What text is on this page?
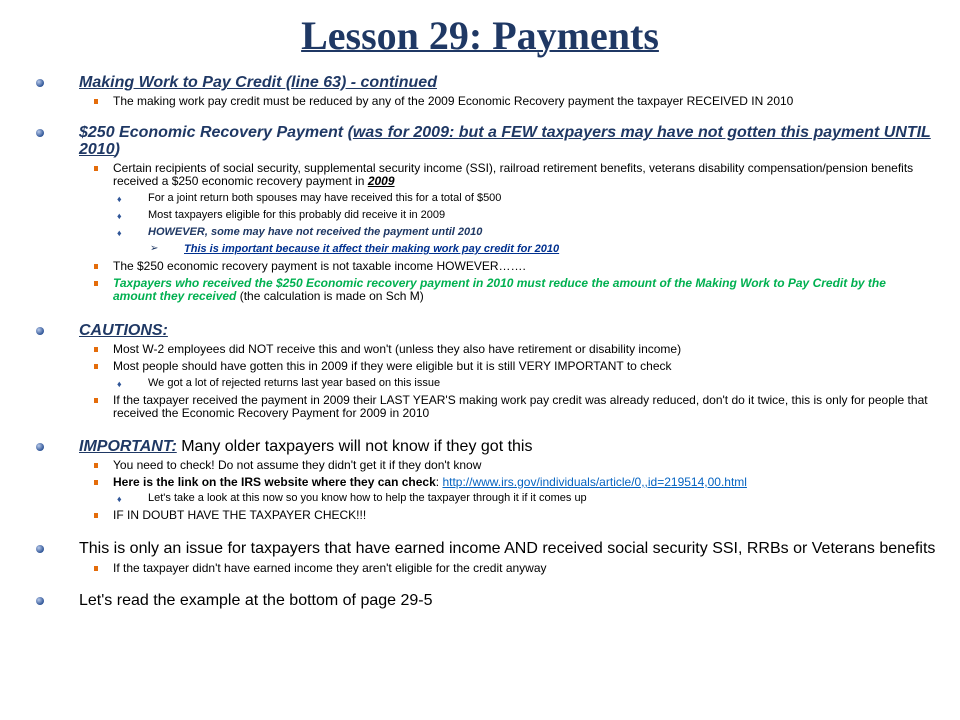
Lesson 29: Payments
Making Work to Pay Credit (line 63) - continued
The making work pay credit must be reduced by any of the 2009 Economic Recovery payment the taxpayer RECEIVED IN 2010
$250 Economic Recovery Payment (was for 2009: but a FEW taxpayers may have not gotten this payment UNTIL 2010)
Certain recipients of social security, supplemental security income (SSI), railroad retirement benefits, veterans disability compensation/pension benefits received a $250 economic recovery payment in 2009
♦ For a joint return both spouses may have received this for a total of $500
♦ Most taxpayers eligible for this probably did receive it in 2009
♦ HOWEVER, some may have not received the payment until 2010
➢ This is important because it affect their making work pay credit for 2010
The $250 economic recovery payment is not taxable income HOWEVER…….
Taxpayers who received the $250 Economic recovery payment in 2010 must reduce the amount of the Making Work to Pay Credit by the amount they received (the calculation is made on Sch M)
CAUTIONS:
Most W-2 employees did NOT receive this and won't (unless they also have retirement or disability income)
Most people should have gotten this in 2009 if they were eligible but it is still VERY IMPORTANT to check
♦ We got a lot of rejected returns last year based on this issue
If the taxpayer received the payment in 2009 their LAST YEAR'S making work pay credit was already reduced, don't do it twice, this is only for people that received the Economic Recovery Payment for 2009 in 2010
IMPORTANT: Many older taxpayers will not know if they got this
You need to check! Do not assume they didn't get it if they don't know
Here is the link on the IRS website where they can check: http://www.irs.gov/individuals/article/0,,id=219514,00.html
♦ Let's take a look at this now so you know how to help the taxpayer through it if it comes up
IF IN DOUBT HAVE THE TAXPAYER CHECK!!!
This is only an issue for taxpayers that have earned income AND received social security SSI, RRBs or Veterans benefits
If the taxpayer didn't have earned income they aren't eligible for the credit anyway
Let's read the example at the bottom of page 29-5
